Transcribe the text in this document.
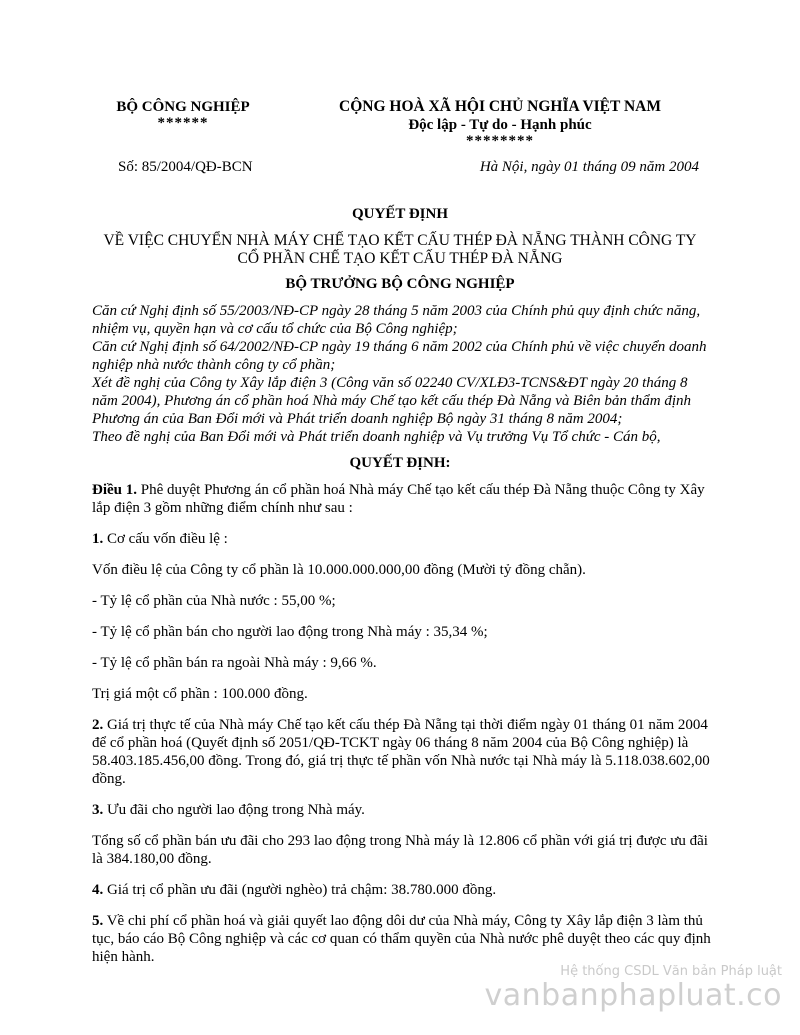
BỘ CÔNG NGHIỆP
******
CỘNG HOÀ XÃ HỘI CHỦ NGHĨA VIỆT NAM
Độc lập - Tự do - Hạnh phúc
********
Số: 85/2004/QĐ-BCN	Hà Nội, ngày 01 tháng 09 năm 2004
QUYẾT ĐỊNH
VỀ VIỆC CHUYỂN NHÀ MÁY CHẾ TẠO KẾT CẤU THÉP ĐÀ NẴNG THÀNH CÔNG TY
CỔ PHẦN CHẾ TẠO KẾT CẤU THÉP ĐÀ NẴNG
BỘ TRƯỞNG BỘ CÔNG NGHIỆP

Căn cứ Nghị định số 55/2003/NĐ-CP ngày 28 tháng 5 năm 2003 của Chính phủ quy định chức năng, nhiệm vụ, quyền hạn và cơ cấu tổ chức của Bộ Công nghiệp;

Căn cứ Nghị định số 64/2002/NĐ-CP ngày 19 tháng 6 năm 2002 của Chính phủ về việc chuyển doanh nghiệp nhà nước thành công ty cổ phần;

Xét đề nghị của Công ty Xây lắp điện 3 (Công văn số 02240 CV/XLĐ3-TCNS&ĐT ngày 20 tháng 8 năm 2004), Phương án cổ phần hoá Nhà máy Chế tạo kết cấu thép Đà Nẵng và Biên bản thẩm định Phương án của Ban Đổi mới và Phát triển doanh nghiệp Bộ ngày 31 tháng 8 năm 2004;

Theo đề nghị của Ban Đổi mới và Phát triển doanh nghiệp và Vụ trưởng Vụ Tổ chức - Cán bộ,

QUYẾT ĐỊNH:

Điều 1. Phê duyệt Phương án cổ phần hoá Nhà máy Chế tạo kết cấu thép Đà Nẵng thuộc Công ty Xây lắp điện 3 gồm những điểm chính như sau :

1. Cơ cấu vốn điều lệ :

Vốn điều lệ của Công ty cổ phần là 10.000.000.000,00 đồng (Mười tỷ đồng chẵn).

- Tỷ lệ cổ phần của Nhà nước : 55,00 %;

- Tỷ lệ cổ phần bán cho người lao động trong Nhà máy : 35,34 %;

- Tỷ lệ cổ phần bán ra ngoài Nhà máy : 9,66 %.

Trị giá một cổ phần : 100.000 đồng.

2. Giá trị thực tế của Nhà máy Chế tạo kết cấu thép Đà Nẵng tại thời điểm ngày 01 tháng 01 năm 2004 để cổ phần hoá (Quyết định số 2051/QĐ-TCKT ngày 06 tháng 8 năm 2004 của Bộ Công nghiệp) là 58.403.185.456,00 đồng. Trong đó, giá trị thực tế phần vốn Nhà nước tại Nhà máy là 5.118.038.602,00 đồng.

3. Ưu đãi cho người lao động trong Nhà máy.

Tổng số cổ phần bán ưu đãi cho 293 lao động trong Nhà máy là 12.806 cổ phần với giá trị được ưu đãi là 384.180,00 đồng.

4. Giá trị cổ phần ưu đãi (người nghèo) trả chậm: 38.780.000 đồng.

5. Về chi phí cổ phần hoá và giải quyết lao động dôi dư của Nhà máy, Công ty Xây lắp điện 3 làm thủ tục, báo cáo Bộ Công nghiệp và các cơ quan có thẩm quyền của Nhà nước phê duyệt theo các quy định hiện hành.

Hệ thống CSDL Văn bản Pháp luật
vanbanphapluat.co
